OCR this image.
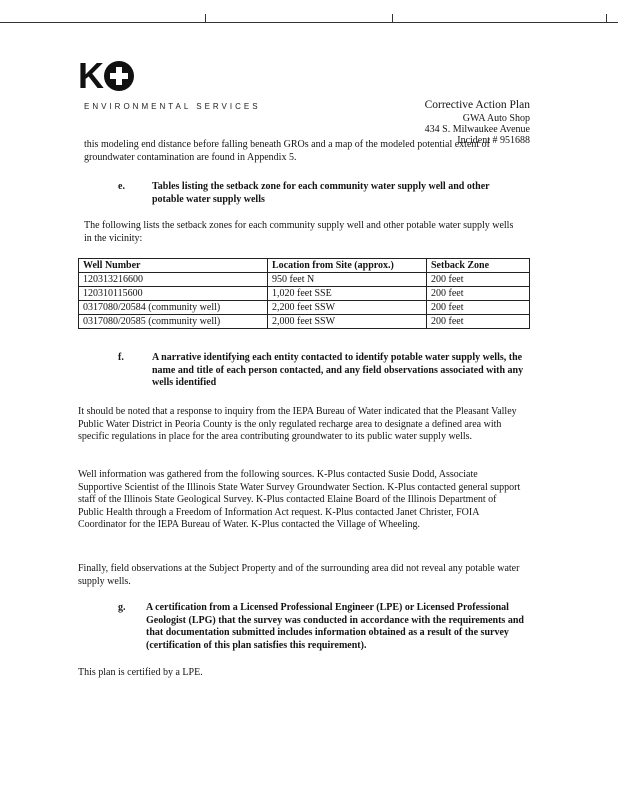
K
ENVIRONMENTAL SERVICES	Corrective Action Plan
GWA Auto Shop
434 S. Milwaukee Avenue
Incident # 951688
this modeling end distance before falling beneath GROs and a map of the modeled potential extent of groundwater contamination are found in Appendix 5.
e.	Tables listing the setback zone for each community water supply well and other potable water supply wells
The following lists the setback zones for each community supply well and other potable water supply wells in the vicinity:
Well Number	Location from Site (approx.)	Setback Zone
120313216600	950 feet N	200 feet
120310115600	1,020 feet SSE	200 feet
0317080/20584 (community well)	2,200 feet SSW	200 feet
0317080/20585 (community well)	2,000 feet SSW	200 feet
f.	A narrative identifying each entity contacted to identify potable water supply wells, the name and title of each person contacted, and any field observations associated with any wells identified
It should be noted that a response to inquiry from the IEPA Bureau of Water indicated that the Pleasant Valley Public Water District in Peoria County is the only regulated recharge area to designate a defined area with specific regulations in place for the area contributing groundwater to its public water supply wells.
Well information was gathered from the following sources. K-Plus contacted Susie Dodd, Associate Supportive Scientist of the Illinois State Water Survey Groundwater Section. K-Plus contacted general support staff of the Illinois State Geological Survey. K-Plus contacted Elaine Board of the Illinois Department of Public Health through a Freedom of Information Act request. K-Plus contacted Janet Christer, FOIA Coordinator for the IEPA Bureau of Water. K-Plus contacted the Village of Wheeling.
Finally, field observations at the Subject Property and of the surrounding area did not reveal any potable water supply wells.
g. A certification from a Licensed Professional Engineer (LPE) or Licensed Professional Geologist (LPG) that the survey was conducted in accordance with the requirements and that documentation submitted includes information obtained as a result of the survey (certification of this plan satisfies this requirement).
This plan is certified by a LPE.
